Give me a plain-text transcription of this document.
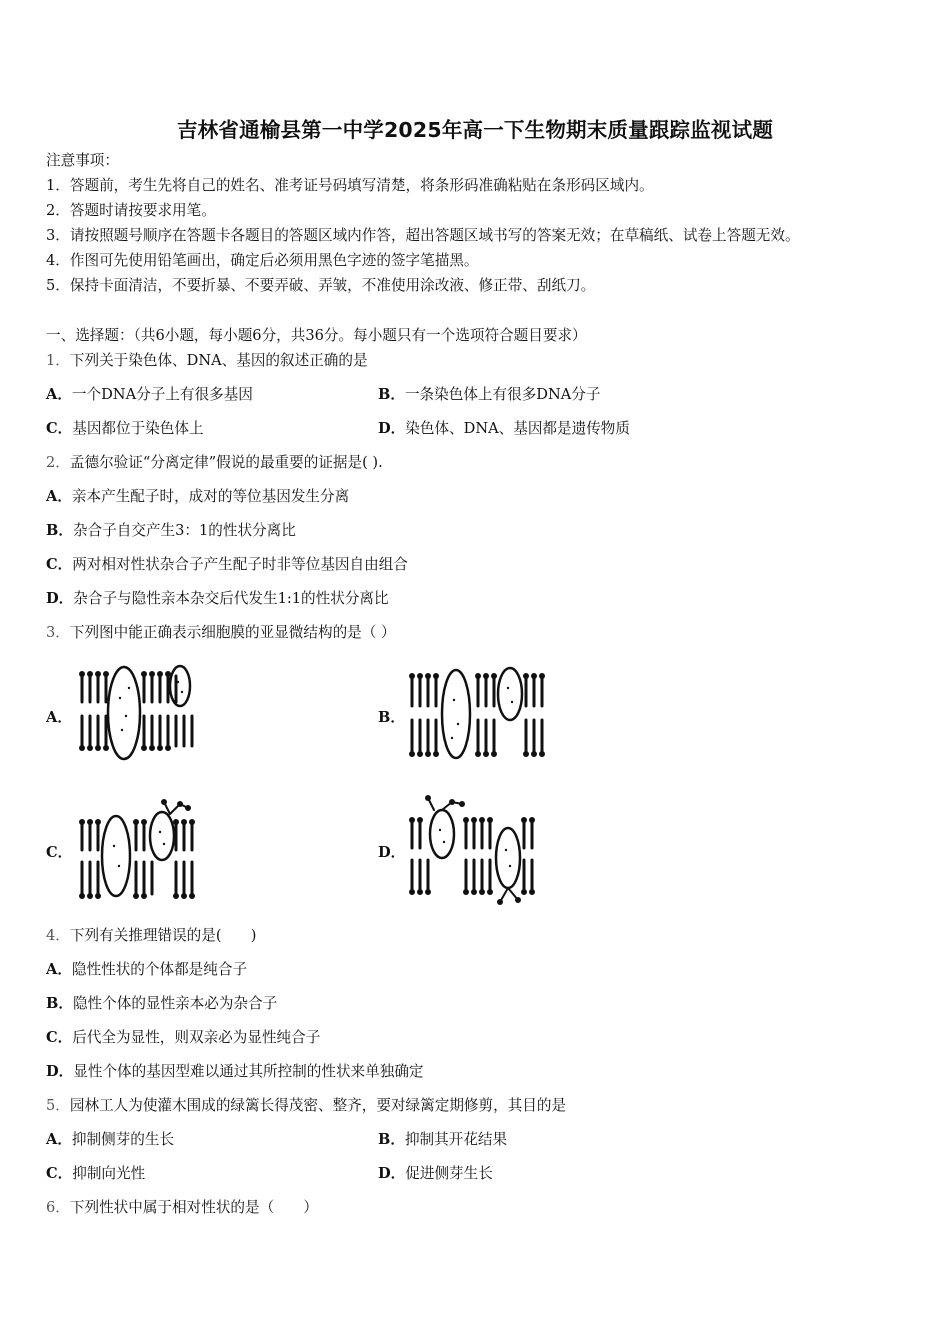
吉林省通榆县第一中学2025年高一下生物期末质量跟踪监视试题
注意事项：
1．答题前，考生先将自己的姓名、准考证号码填写清楚，将条形码准确粘贴在条形码区域内。
2．答题时请按要求用笔。
3．请按照题号顺序在答题卡各题目的答题区域内作答，超出答题区域书写的答案无效；在草稿纸、试卷上答题无效。
4．作图可先使用铅笔画出，确定后必须用黑色字迹的签字笔描黑。
5．保持卡面清洁，不要折暴、不要弄破、弄皱，不准使用涂改液、修正带、刮纸刀。
一、选择题：（共6小题，每小题6分，共36分。每小题只有一个选项符合题目要求）
1．下列关于染色体、DNA、基因的叙述正确的是
A．一个DNA分子上有很多基因	B．一条染色体上有很多DNA分子
C．基因都位于染色体上	D．染色体、DNA、基因都是遗传物质
2．孟德尔验证“分离定律”假说的最重要的证据是( ).
A．亲本产生配子时，成对的等位基因发生分离
B．杂合子自交产生3：1的性状分离比
C．两对相对性状杂合子产生配子时非等位基因自由组合
D．杂合子与隐性亲本杂交后代发生1:1的性状分离比
3．下列图中能正确表示细胞膜的亚显微结构的是（ ）
A．	B．
C．	D．
4．下列有关推理错误的是(　　)
A．隐性性状的个体都是纯合子
B．隐性个体的显性亲本必为杂合子
C．后代全为显性，则双亲必为显性纯合子
D．显性个体的基因型难以通过其所控制的性状来单独确定
5．园林工人为使灌木围成的绿篱长得茂密、整齐，要对绿篱定期修剪，其目的是
A．抑制侧芽的生长	B．抑制其开花结果
C．抑制向光性	D．促进侧芽生长
6．下列性状中属于相对性状的是（　　）
